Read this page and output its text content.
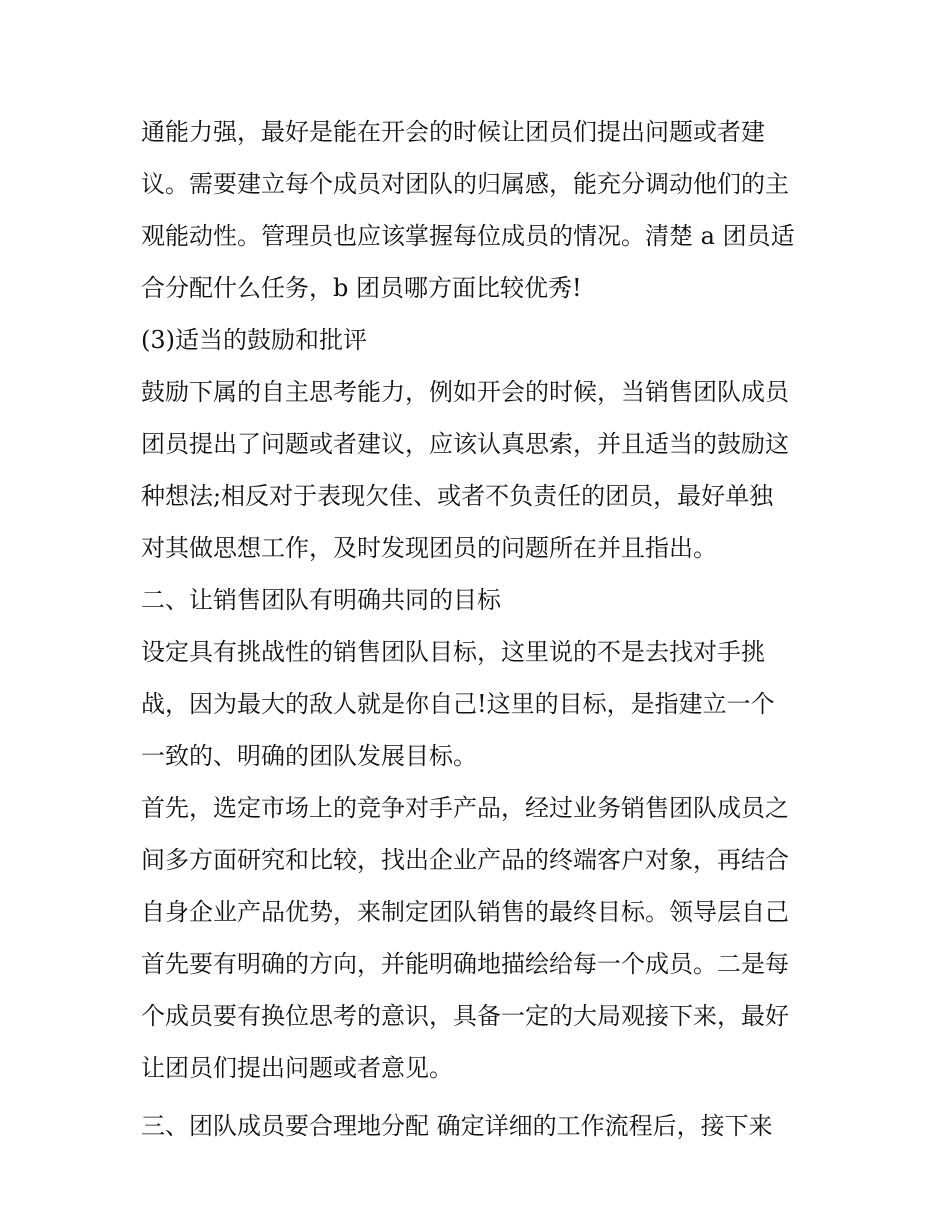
通能力强，最好是能在开会的时候让团员们提出问题或者建
议。需要建立每个成员对团队的归属感，能充分调动他们的主
观能动性。管理员也应该掌握每位成员的情况。清楚 a 团员适
合分配什么任务，b 团员哪方面比较优秀!
(3)适当的鼓励和批评
鼓励下属的自主思考能力，例如开会的时候，当销售团队成员
团员提出了问题或者建议，应该认真思索，并且适当的鼓励这
种想法;相反对于表现欠佳、或者不负责任的团员，最好单独
对其做思想工作，及时发现团员的问题所在并且指出。
二、让销售团队有明确共同的目标
设定具有挑战性的销售团队目标，这里说的不是去找对手挑
战，因为最大的敌人就是你自己!这里的目标，是指建立一个
一致的、明确的团队发展目标。
首先，选定市场上的竞争对手产品，经过业务销售团队成员之
间多方面研究和比较，找出企业产品的终端客户对象，再结合
自身企业产品优势，来制定团队销售的最终目标。领导层自己
首先要有明确的方向，并能明确地描绘给每一个成员。二是每
个成员要有换位思考的意识，具备一定的大局观接下来，最好
让团员们提出问题或者意见。
三、团队成员要合理地分配 确定详细的工作流程后，接下来
